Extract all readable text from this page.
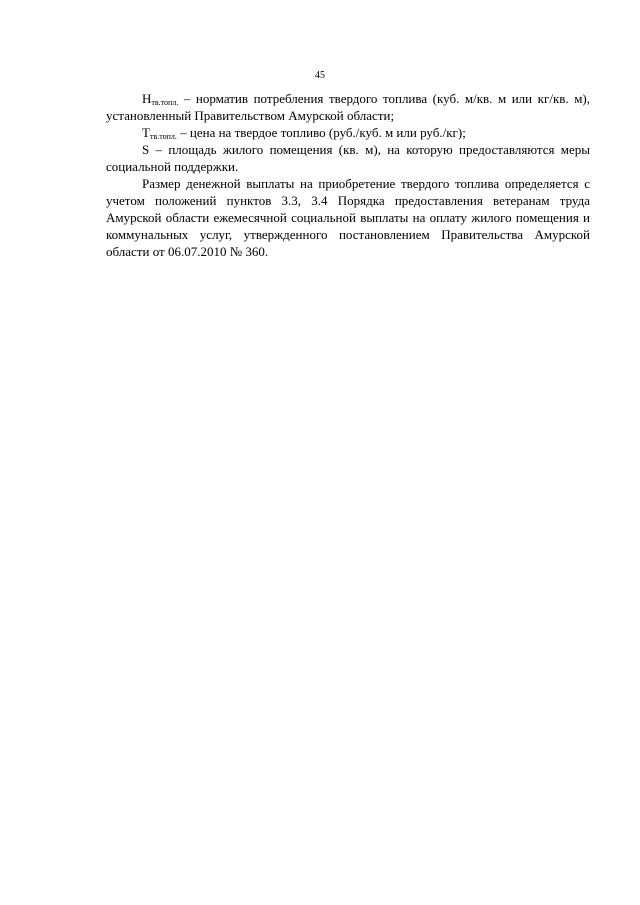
45

$Н_{тв.топл.}$ – норматив потребления твердого топлива (куб. м/кв. м или кг/кв. м), установленный Правительством Амурской области;

$Т_{тв.топл.}$ – цена на твердое топливо (руб./куб. м или руб./кг);

S – площадь жилого помещения (кв. м), на которую предоставляются меры социальной поддержки.

Размер денежной выплаты на приобретение твердого топлива определяется с учетом положений пунктов 3.3, 3.4 Порядка предоставления ветеранам труда Амурской области ежемесячной социальной выплаты на оплату жилого помещения и коммунальных услуг, утвержденного постановлением Правительства Амурской области от 06.07.2010 № 360.
